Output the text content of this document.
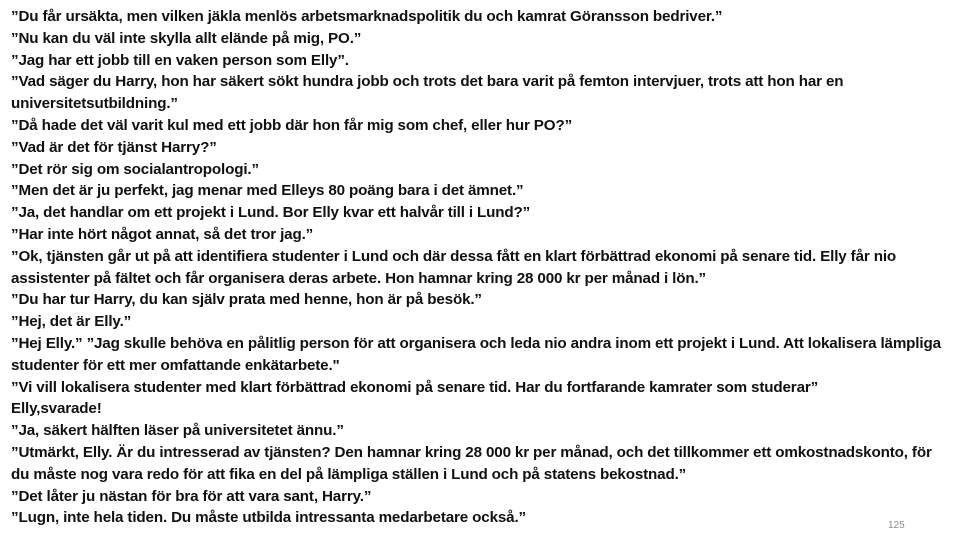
”Du får ursäkta, men vilken jäkla menlös arbetsmarknadspolitik du och kamrat Göransson bedriver.”
”Nu kan du väl inte skylla allt elände på mig, PO.”
”Jag har ett jobb till en vaken person som Elly”.
”Vad säger du Harry, hon har säkert sökt hundra jobb och trots det bara varit på femton intervjuer, trots att hon har en
universitetsutbildning.”
”Då hade det väl varit kul med ett jobb där hon får mig som chef, eller hur PO?”
”Vad är det för tjänst Harry?”
”Det rör sig om socialantropologi.”
”Men det är ju perfekt, jag menar med Elleys 80 poäng bara i det ämnet.”
”Ja, det handlar om ett projekt i Lund. Bor Elly kvar ett halvår till i Lund?”
”Har inte hört något annat, så det tror jag.”
”Ok, tjänsten går ut på att identifiera studenter i Lund och där dessa fått en klart förbättrad ekonomi på senare tid. Elly får nio
assistenter på fältet och får organisera deras arbete. Hon hamnar kring 28 000 kr per månad i lön.”
”Du har tur Harry, du kan själv prata med henne, hon är på besök.”
”Hej, det är Elly.”
”Hej Elly.” ”Jag skulle behöva en pålitlig person för att organisera och leda nio andra inom ett projekt i Lund. Att lokalisera lämpliga
studenter för ett mer omfattande enkätarbete."
”Vi vill lokalisera studenter med klart förbättrad ekonomi på senare tid. Har du fortfarande kamrater som studerar”
Elly,svarade!
”Ja, säkert hälften läser på universitetet ännu.”
”Utmärkt, Elly. Är du intresserad av tjänsten? Den hamnar kring 28 000 kr per månad, och det tillkommer ett omkostnadskonto, för
du måste nog vara redo för att fika en del på lämpliga ställen i Lund och på statens bekostnad.”
”Det låter ju nästan för bra för att vara sant, Harry.”
”Lugn, inte hela tiden. Du måste utbilda intressanta medarbetare också.”	125
